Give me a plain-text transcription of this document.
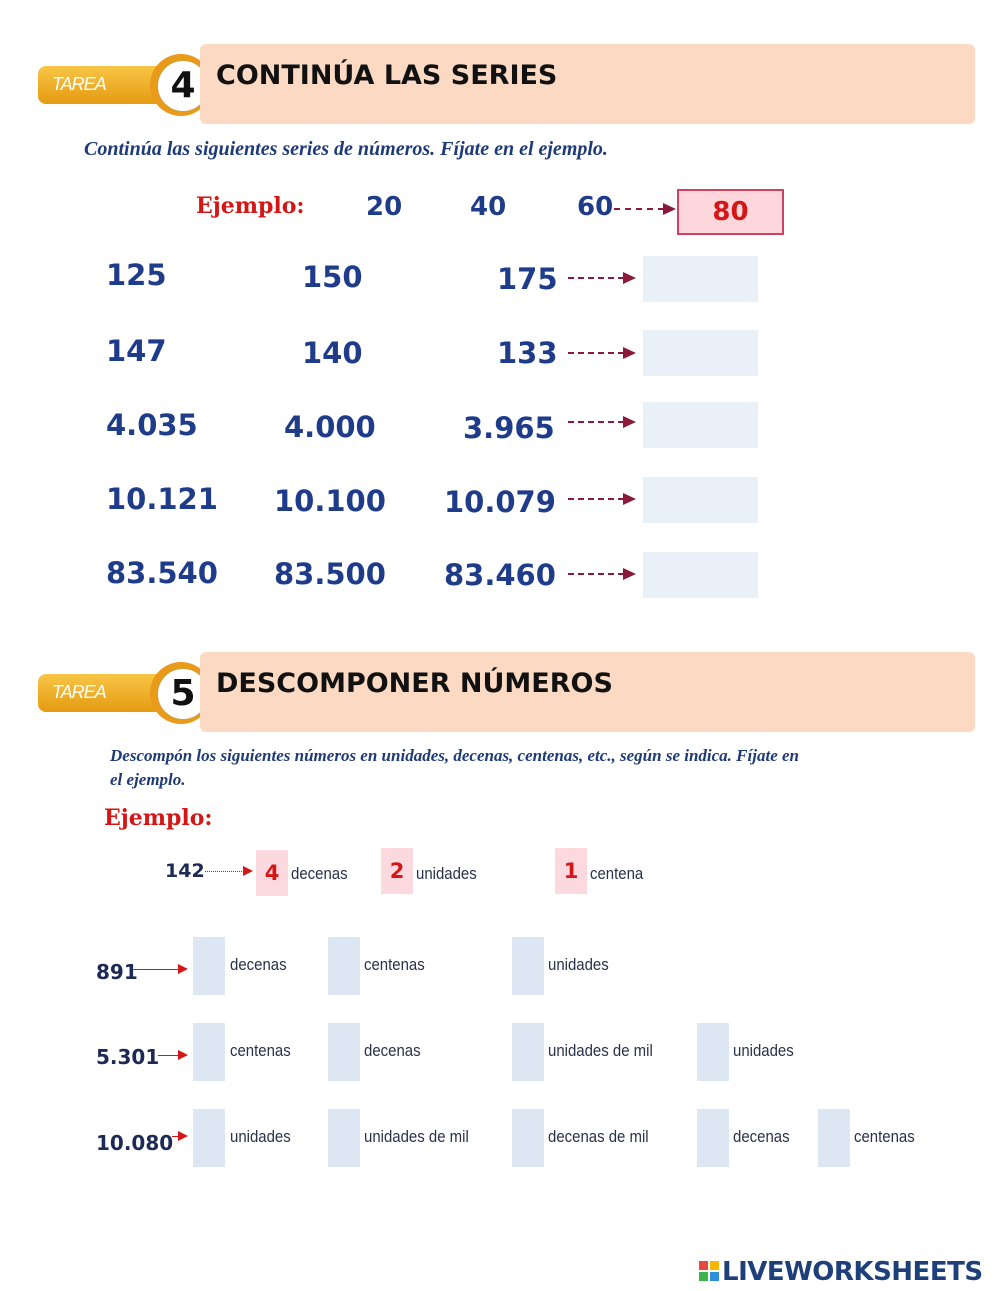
TAREA	4 CONTINÚA LAS SERIES
Continúa las siguientes series de números. Fíjate en el ejemplo.
Ejemplo: 20	40	60	80
125	150	175
147	140	133
4.035	4.000	3.965
10.121 10.100 10.079
83.540 83.500 83.460
TAREA	5 DESCOMPONER NÚMEROS
Descompón los siguientes números en unidades, decenas, centenas, etc., según se indica. Fíjate en
el ejemplo.
Ejemplo:
142	4 decenas	2 unidades	1 centena
891	decenas	centenas	unidades
5.301	centenas	decenas	unidades de mil	unidades
10.080	unidades	unidades de mil	decenas de mil	decenas	centenas
LIVEWORKSHEETS
